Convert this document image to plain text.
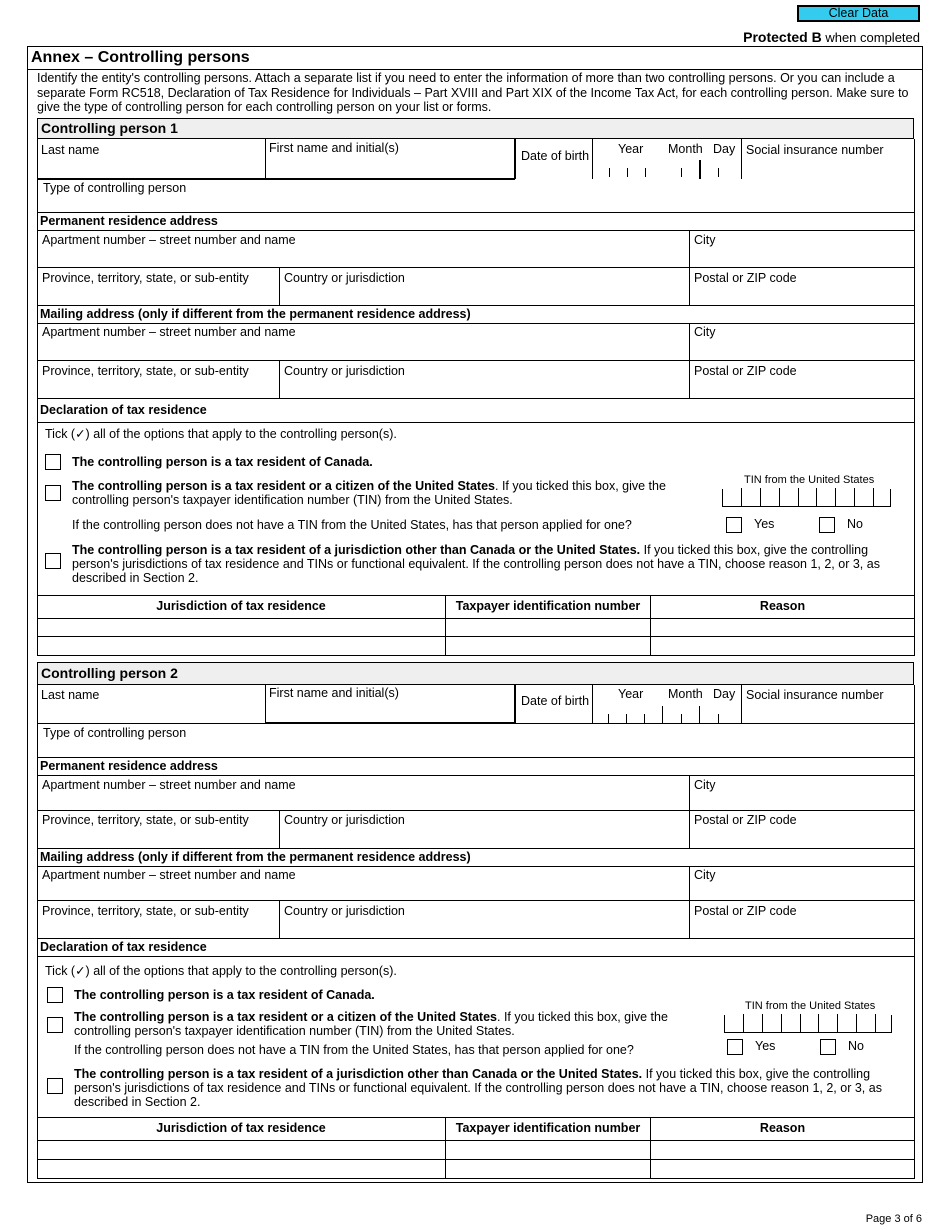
Clear Data
Protected B when completed
Annex – Controlling persons
Identify the entity's controlling persons. Attach a separate list if you need to enter the information of more than two controlling persons. Or you can include a separate Form RC518, Declaration of Tax Residence for Individuals – Part XVIII and Part XIX of the Income Tax Act, for each controlling person. Make sure to give the type of controlling person for each controlling person on your list or forms.
Controlling person 1
Last name	First name and initial(s)
Date of birth Year Month Day Social insurance number
Type of controlling person
Permanent residence address
Apartment number – street number and name	City
Province, territory, state, or sub-entity	Country or jurisdiction	Postal or ZIP code
Mailing address (only if different from the permanent residence address)
Apartment number – street number and name	City
Province, territory, state, or sub-entity	Country or jurisdiction	Postal or ZIP code
Declaration of tax residence
Tick (✓) all of the options that apply to the controlling person(s).
The controlling person is a tax resident of Canada.
The controlling person is a tax resident or a citizen of the United States. If you ticked this box, give the controlling person's taxpayer identification number (TIN) from the United States.
TIN from the United States
If the controlling person does not have a TIN from the United States, has that person applied for one?	Yes	No
The controlling person is a tax resident of a jurisdiction other than Canada or the United States. If you ticked this box, give the controlling person's jurisdictions of tax residence and TINs or functional equivalent. If the controlling person does not have a TIN, choose reason 1, 2, or 3, as described in Section 2.
Jurisdiction of tax residence	Taxpayer identification number	Reason
Controlling person 2
Last name	First name and initial(s)
Date of birth Year Month Day Social insurance number
Type of controlling person
Permanent residence address
Apartment number – street number and name	City
Province, territory, state, or sub-entity	Country or jurisdiction	Postal or ZIP code
Mailing address (only if different from the permanent residence address)
Apartment number – street number and name	City
Province, territory, state, or sub-entity	Country or jurisdiction	Postal or ZIP code
Declaration of tax residence
Tick (✓) all of the options that apply to the controlling person(s).
The controlling person is a tax resident of Canada.
The controlling person is a tax resident or a citizen of the United States. If you ticked this box, give the controlling person's taxpayer identification number (TIN) from the United States.
TIN from the United States
If the controlling person does not have a TIN from the United States, has that person applied for one?	Yes	No
The controlling person is a tax resident of a jurisdiction other than Canada or the United States. If you ticked this box, give the controlling person's jurisdictions of tax residence and TINs or functional equivalent. If the controlling person does not have a TIN, choose reason 1, 2, or 3, as described in Section 2.
Jurisdiction of tax residence	Taxpayer identification number	Reason
Page 3 of 6
